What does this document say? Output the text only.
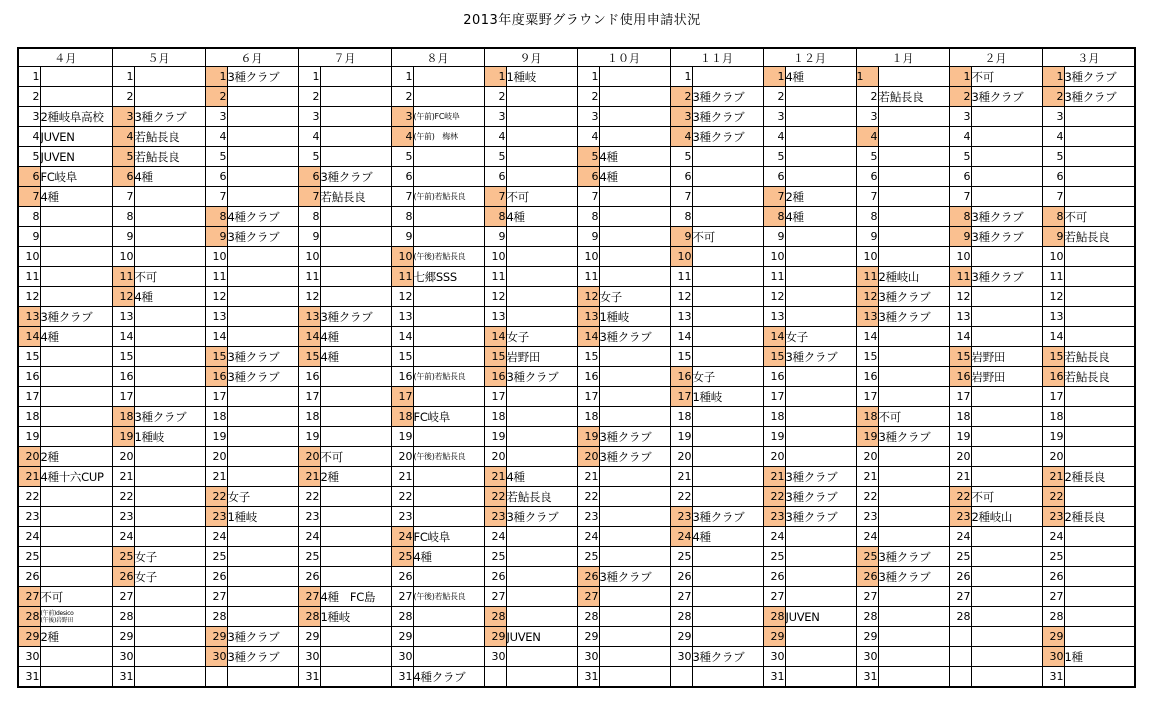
2013年度粟野グラウンド使用申請状況
４月		５月		６月		７月		８月		９月		１０月		１１月		１２月		１月		２月		３月	
1		1		1	3種クラブ	1		1		1	1種岐	1		1		1	4種	1		1	不可	1	3種クラブ
2		2		2		2		2		2		2		2	3種クラブ	2		2	若鮎長良	2	3種クラブ	2	3種クラブ
3	2種岐阜高校	3	3種クラブ	3		3		3	(午前)FC岐阜	3		3		3	3種クラブ	3		3		3		3	
4	JUVEN	4	若鮎長良	4		4		4	(午前)　梅林	4		4		4	3種クラブ	4		4		4		4	
5	JUVEN	5	若鮎長良	5		5		5		5		5	4種	5		5		5		5		5	
6	FC岐阜	6	4種	6		6	3種クラブ	6		6		6	4種	6		6		6		6		6	
7	4種	7		7		7	若鮎長良	7	(午前)若鮎長良	7	不可	7		7		7	2種	7		7		7	
8		8		8	4種クラブ	8		8		8	4種	8		8		8	4種	8		8	3種クラブ	8	不可
9		9		9	3種クラブ	9		9		9		9		9	不可	9		9		9	3種クラブ	9	若鮎長良
10		10		10		10		10	(午後)若鮎長良	10		10		10		10		10		10		10	
11		11	不可	11		11		11	七郷SSS	11		11		11		11		11	2種岐山	11	3種クラブ	11	
12		12	4種	12		12		12		12		12	女子	12		12		12	3種クラブ	12		12	
13	3種クラブ	13		13		13	3種クラブ	13		13		13	1種岐	13		13		13	3種クラブ	13		13	
14	4種	14		14		14	4種	14		14	女子	14	3種クラブ	14		14	女子	14		14		14	
15		15		15	3種クラブ	15	4種	15		15	岩野田	15		15		15	3種クラブ	15		15	岩野田	15	若鮎長良
16		16		16	3種クラブ	16		16	(午前)若鮎長良	16	3種クラブ	16		16	女子	16		16		16	岩野田	16	若鮎長良
17		17		17		17		17		17		17		17	1種岐	17		17		17		17	
18		18	3種クラブ	18		18		18	FC岐阜	18		18		18		18		18	不可	18		18	
19		19	1種岐	19		19		19		19		19	3種クラブ	19		19		19	3種クラブ	19		19	
20	2種	20		20		20	不可	20	(午後)若鮎長良	20		20	3種クラブ	20		20		20		20		20	
21	4種十六CUP	21		21		21	2種	21		21	4種	21		21		21	3種クラブ	21		21		21	2種長良
22		22		22	女子	22		22		22	若鮎長良	22		22		22	3種クラブ	22		22	不可	22	
23		23		23	1種岐	23		23		23	3種クラブ	23		23	3種クラブ	23	3種クラブ	23		23	2種岐山	23	2種長良
24		24		24		24		24	FC岐阜	24		24		24	4種	24		24		24		24	
25		25	女子	25		25		25	4種	25		25		25		25		25	3種クラブ	25		25	
26		26	女子	26		26		26		26		26	3種クラブ	26		26		26	3種クラブ	26		26	
27	不可	27		27		27	4種　FC島	27	(午後)若鮎長良	27		27		27		27		27		27		27	
28	(午前)desico
(午後)岩野田	28		28		28	1種岐	28		28		28		28		28	JUVEN	28		28		28	
29	2種	29		29	3種クラブ	29		29		29	JUVEN	29		29		29		29				29	
30		30		30	3種クラブ	30		30		30		30		30	3種クラブ	30		30				30	1種
31		31				31		31	4種クラブ			31				31		31				31	
